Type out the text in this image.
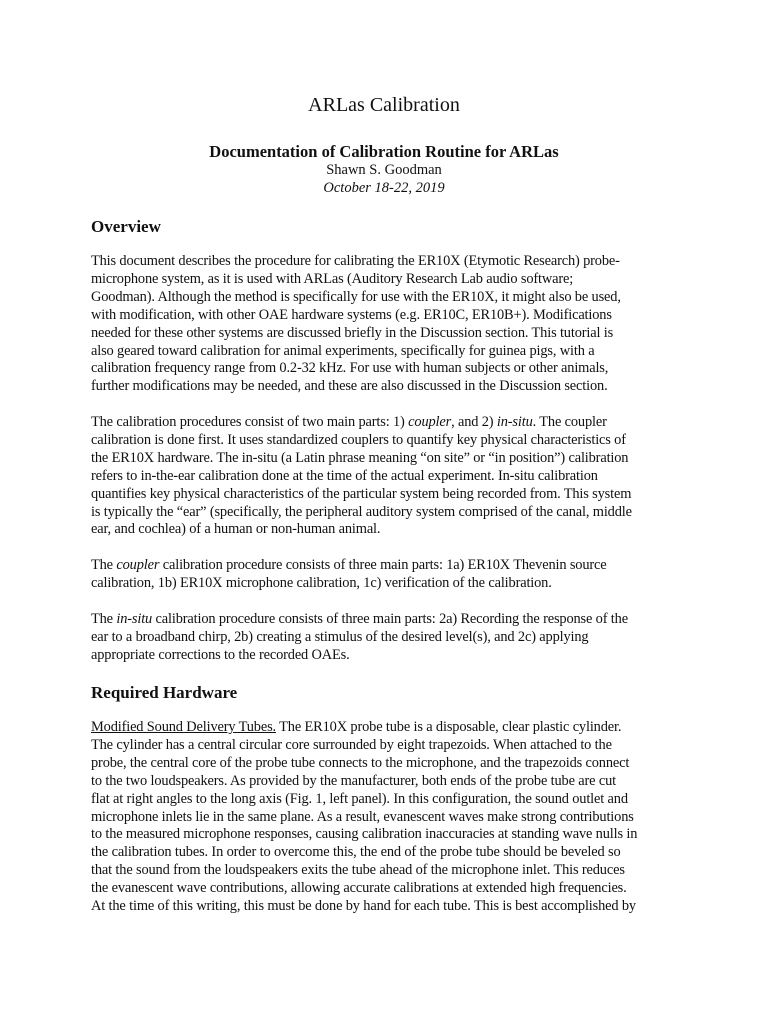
ARLas Calibration
Documentation of Calibration Routine for ARLas
Shawn S. Goodman
October 18-22, 2019
Overview

This document describes the procedure for calibrating the ER10X (Etymotic Research) probe-
microphone system, as it is used with ARLas (Auditory Research Lab audio software;
Goodman). Although the method is specifically for use with the ER10X, it might also be used,
with modification, with other OAE hardware systems (e.g. ER10C, ER10B+). Modifications
needed for these other systems are discussed briefly in the Discussion section. This tutorial is
also geared toward calibration for animal experiments, specifically for guinea pigs, with a
calibration frequency range from 0.2-32 kHz. For use with human subjects or other animals,
further modifications may be needed, and these are also discussed in the Discussion section.

The calibration procedures consist of two main parts: 1) coupler, and 2) in-situ. The coupler
calibration is done first. It uses standardized couplers to quantify key physical characteristics of
the ER10X hardware. The in-situ (a Latin phrase meaning “on site” or “in position”) calibration
refers to in-the-ear calibration done at the time of the actual experiment. In-situ calibration
quantifies key physical characteristics of the particular system being recorded from. This system
is typically the “ear” (specifically, the peripheral auditory system comprised of the canal, middle
ear, and cochlea) of a human or non-human animal.

The coupler calibration procedure consists of three main parts: 1a) ER10X Thevenin source
calibration, 1b) ER10X microphone calibration, 1c) verification of the calibration.

The in-situ calibration procedure consists of three main parts: 2a) Recording the response of the
ear to a broadband chirp, 2b) creating a stimulus of the desired level(s), and 2c) applying
appropriate corrections to the recorded OAEs.

Required Hardware

Modified Sound Delivery Tubes. The ER10X probe tube is a disposable, clear plastic cylinder.
The cylinder has a central circular core surrounded by eight trapezoids. When attached to the
probe, the central core of the probe tube connects to the microphone, and the trapezoids connect
to the two loudspeakers. As provided by the manufacturer, both ends of the probe tube are cut
flat at right angles to the long axis (Fig. 1, left panel). In this configuration, the sound outlet and
microphone inlets lie in the same plane. As a result, evanescent waves make strong contributions
to the measured microphone responses, causing calibration inaccuracies at standing wave nulls in
the calibration tubes. In order to overcome this, the end of the probe tube should be beveled so
that the sound from the loudspeakers exits the tube ahead of the microphone inlet. This reduces
the evanescent wave contributions, allowing accurate calibrations at extended high frequencies.
At the time of this writing, this must be done by hand for each tube. This is best accomplished by
